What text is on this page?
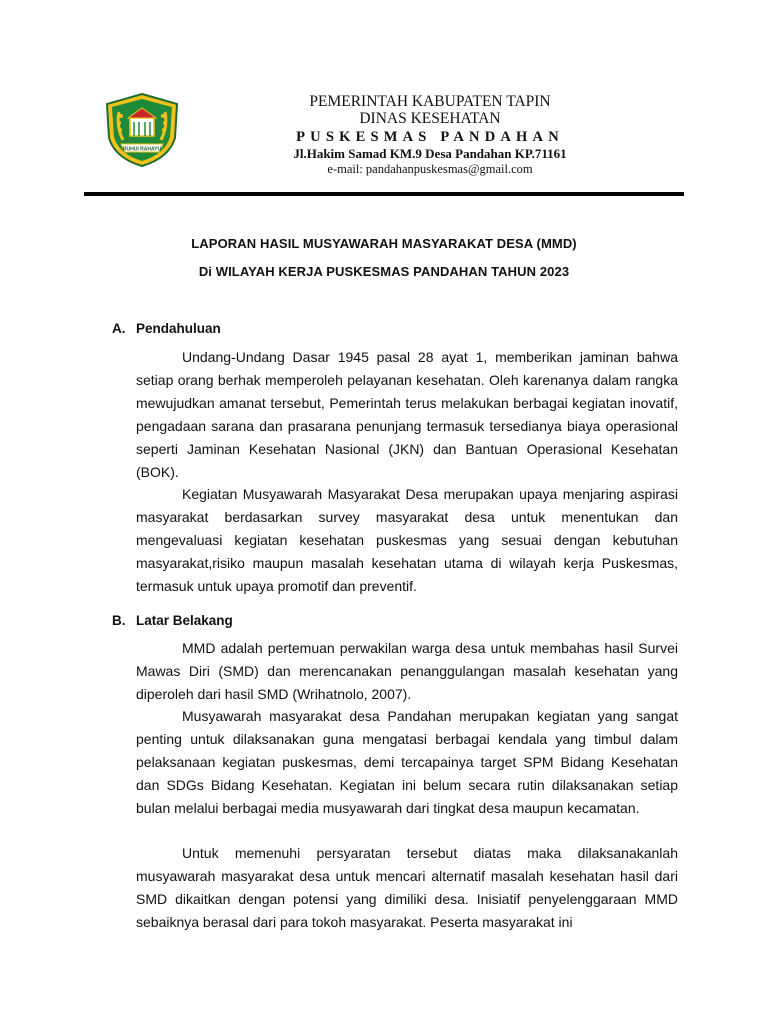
RUHUI RAHAYU
PEMERINTAH KABUPATEN TAPIN
DINAS KESEHATAN
PUSKESMAS PANDAHAN
Jl.Hakim Samad KM.9 Desa Pandahan KP.71161
e-mail: pandahanpuskesmas@gmail.com
LAPORAN HASIL MUSYAWARAH MASYARAKAT DESA (MMD)
Di WILAYAH KERJA PUSKESMAS PANDAHAN TAHUN 2023
A. Pendahuluan

Undang-Undang Dasar 1945 pasal 28 ayat 1, memberikan jaminan bahwa setiap orang berhak memperoleh pelayanan kesehatan. Oleh karenanya dalam rangka mewujudkan amanat tersebut, Pemerintah terus melakukan berbagai kegiatan inovatif, pengadaan sarana dan prasarana penunjang termasuk tersedianya biaya operasional seperti Jaminan Kesehatan Nasional (JKN) dan Bantuan Operasional Kesehatan (BOK).

Kegiatan Musyawarah Masyarakat Desa merupakan upaya menjaring aspirasi masyarakat berdasarkan survey masyarakat desa untuk menentukan dan mengevaluasi kegiatan kesehatan puskesmas yang sesuai dengan kebutuhan masyarakat,risiko maupun masalah kesehatan utama di wilayah kerja Puskesmas, termasuk untuk upaya promotif dan preventif.

B. Latar Belakang

MMD adalah pertemuan perwakilan warga desa untuk membahas hasil Survei Mawas Diri (SMD) dan merencanakan penanggulangan masalah kesehatan yang diperoleh dari hasil SMD (Wrihatnolo, 2007).

Musyawarah masyarakat desa Pandahan merupakan kegiatan yang sangat penting untuk dilaksanakan guna mengatasi berbagai kendala yang timbul dalam pelaksanaan kegiatan puskesmas, demi tercapainya target SPM Bidang Kesehatan dan SDGs Bidang Kesehatan. Kegiatan ini belum secara rutin dilaksanakan setiap bulan melalui berbagai media musyawarah dari tingkat desa maupun kecamatan.

Untuk memenuhi persyaratan tersebut diatas maka dilaksanakanlah musyawarah masyarakat desa untuk mencari alternatif masalah kesehatan hasil dari SMD dikaitkan dengan potensi yang dimiliki desa. Inisiatif penyelenggaraan MMD sebaiknya berasal dari para tokoh masyarakat. Peserta masyarakat ini
